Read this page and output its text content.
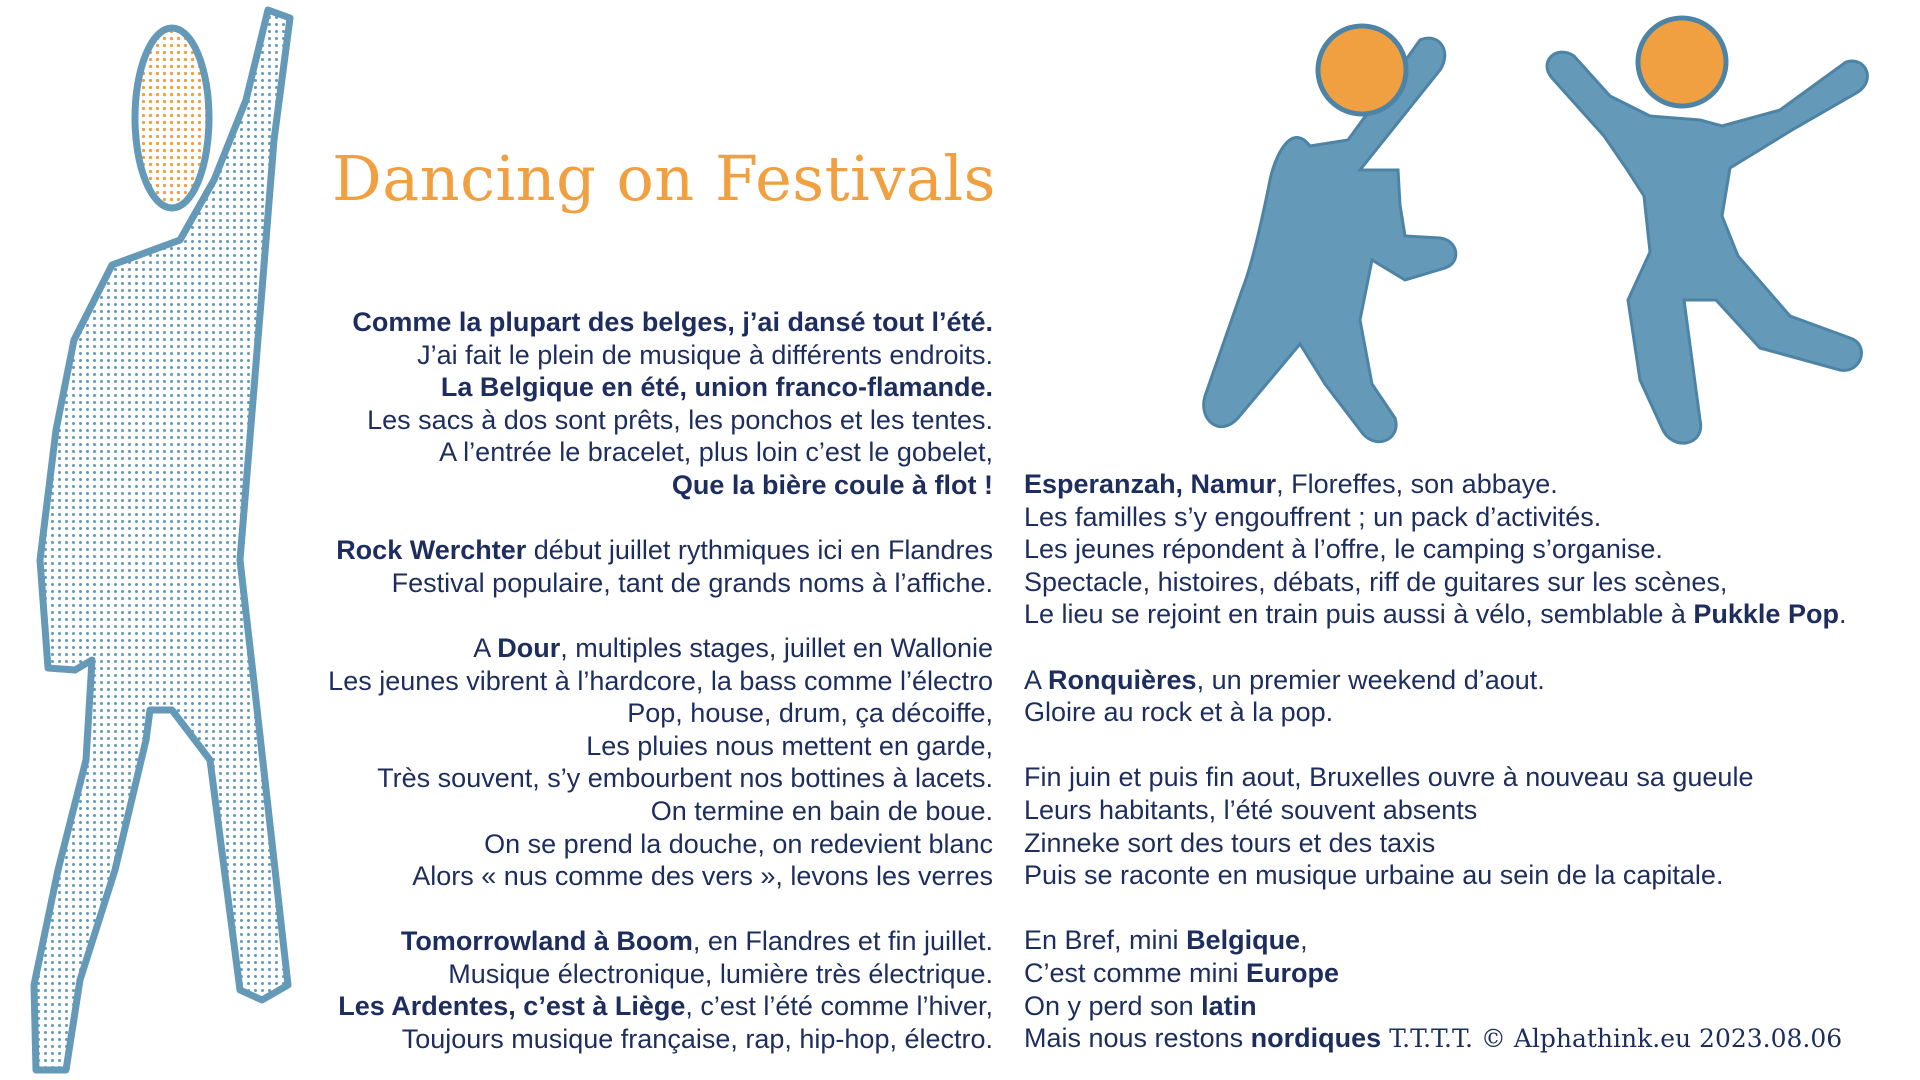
Dancing on Festivals
Comme la plupart des belges, j’ai dansé tout l’été.
J’ai fait le plein de musique à différents endroits.
La Belgique en été, union franco-flamande.
Les sacs à dos sont prêts, les ponchos et les tentes.
A l’entrée le bracelet, plus loin c’est le gobelet,
Que la bière coule à flot !
Rock Werchter début juillet rythmiques ici en Flandres
Festival populaire, tant de grands noms à l’affiche.
A Dour, multiples stages, juillet en Wallonie
Les jeunes vibrent à l’hardcore, la bass comme l’électro
Pop, house, drum, ça décoiffe,
Les pluies nous mettent en garde,
Très souvent, s’y embourbent nos bottines à lacets.
On termine en bain de boue.
On se prend la douche, on redevient blanc
Alors « nus comme des vers », levons les verres
Tomorrowland à Boom, en Flandres et fin juillet.
Musique électronique, lumière très électrique.
Les Ardentes, c’est à Liège, c’est l’été comme l’hiver,
Toujours musique française, rap, hip-hop, électro.
Esperanzah, Namur, Floreffes, son abbaye.
Les familles s’y engouffrent ; un pack d’activités.
Les jeunes répondent à l’offre, le camping s’organise.
Spectacle, histoires, débats, riff de guitares sur les scènes,
Le lieu se rejoint en train puis aussi à vélo, semblable à Pukkle Pop.
A Ronquières, un premier weekend d’aout.
Gloire au rock et à la pop.
Fin juin et puis fin aout, Bruxelles ouvre à nouveau sa gueule
Leurs habitants, l’été souvent absents
Zinneke sort des tours et des taxis
Puis se raconte en musique urbaine au sein de la capitale.
En Bref, mini Belgique,
C’est comme mini Europe
On y perd son latin
Mais nous restons nordiques T.T.T.T. © Alphathink.eu 2023.08.06
